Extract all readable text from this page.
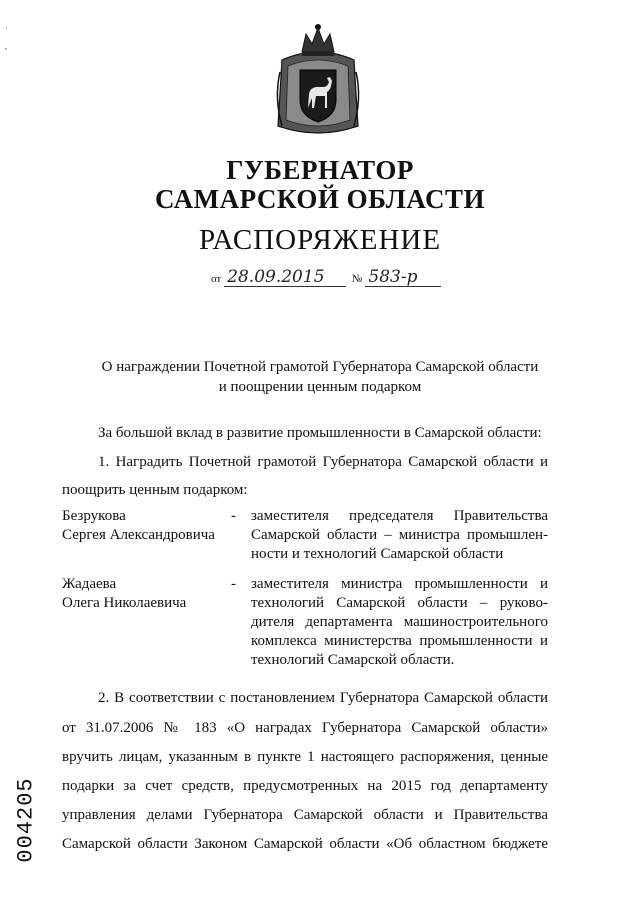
·

,
ГУБЕРНАТОР
САМАРСКОЙ ОБЛАСТИ
РАСПОРЯЖЕНИЕ
от 28.09.2015 № 583-р
О награждении Почетной грамотой Губернатора Самарской области
и поощрении ценным подарком
За большой вклад в развитие промышленности в Самарской области:
1. Наградить Почетной грамотой Губернатора Самарской области и
поощрить ценным подарком:
Безрукова
Сергея Александровича
- заместителя председателя Правительства
Самарской области – министра промышлен-
ности и технологий Самарской области
Жадаева
Олега Николаевича
- заместителя министра промышленности и
технологий Самарской области – руково-
дителя департамента машиностроительного
комплекса министерства промышленности и
технологий Самарской области.
2. В соответствии с постановлением Губернатора Самарской области
от 31.07.2006 № 183 «О наградах Губернатора Самарской области»
вручить лицам, указанным в пункте 1 настоящего распоряжения, ценные
подарки за счет средств, предусмотренных на 2015 год департаменту
управления делами Губернатора Самарской области и Правительства
Самарской области Законом Самарской области «Об областном бюджете
004205
